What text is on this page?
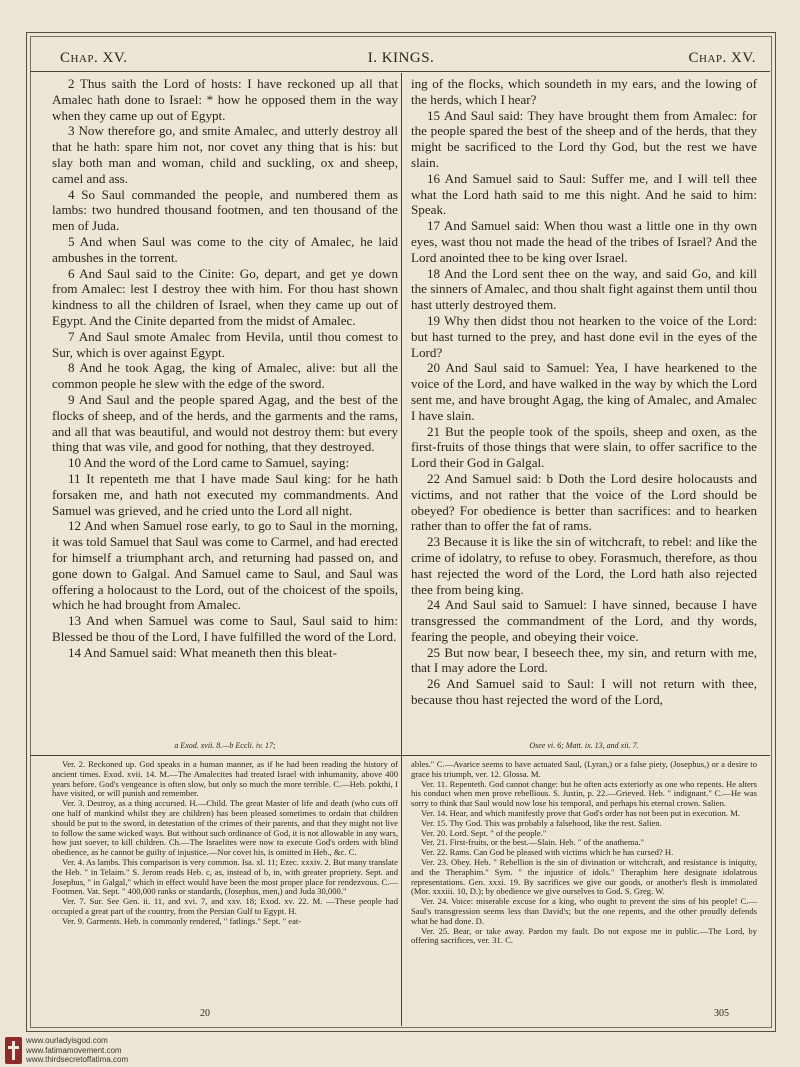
Chap. XV.	I. KINGS.	Chap. XV.

2 Thus saith the Lord of hosts: I have reckoned up all that Amalec hath done to Israel: * how he opposed them in the way when they came up out of Egypt.

3 Now therefore go, and smite Amalec, and utterly destroy all that he hath: spare him not, nor covet any thing that is his: but slay both man and woman, child and suckling, ox and sheep, camel and ass.

4 So Saul commanded the people, and numbered them as lambs: two hundred thousand footmen, and ten thousand of the men of Juda.

5 And when Saul was come to the city of Amalec, he laid ambushes in the torrent.

6 And Saul said to the Cinite: Go, depart, and get ye down from Amalec: lest I destroy thee with him. For thou hast shown kindness to all the children of Israel, when they came up out of Egypt. And the Cinite departed from the midst of Amalec.

7 And Saul smote Amalec from Hevila, until thou comest to Sur, which is over against Egypt.

8 And he took Agag, the king of Amalec, alive: but all the common people he slew with the edge of the sword.

9 And Saul and the people spared Agag, and the best of the flocks of sheep, and of the herds, and the garments and the rams, and all that was beautiful, and would not destroy them: but every thing that was vile, and good for nothing, that they destroyed.

10 And the word of the Lord came to Samuel, saying:

11 It repenteth me that I have made Saul king: for he hath forsaken me, and hath not executed my commandments. And Samuel was grieved, and he cried unto the Lord all night.

12 And when Samuel rose early, to go to Saul in the morning, it was told Samuel that Saul was come to Carmel, and had erected for himself a triumphant arch, and returning had passed on, and gone down to Galgal. And Samuel came to Saul, and Saul was offering a holocaust to the Lord, out of the choicest of the spoils, which he had brought from Amalec.

13 And when Samuel was come to Saul, Saul said to him: Blessed be thou of the Lord, I have fulfilled the word of the Lord.

14 And Samuel said: What meaneth then this bleat-

ing of the flocks, which soundeth in my ears, and the lowing of the herds, which I hear?

15 And Saul said: They have brought them from Amalec: for the people spared the best of the sheep and of the herds, that they might be sacrificed to the Lord thy God, but the rest we have slain.

16 And Samuel said to Saul: Suffer me, and I will tell thee what the Lord hath said to me this night. And he said to him: Speak.

17 And Samuel said: When thou wast a little one in thy own eyes, wast thou not made the head of the tribes of Israel? And the Lord anointed thee to be king over Israel.

18 And the Lord sent thee on the way, and said Go, and kill the sinners of Amalec, and thou shalt fight against them until thou hast utterly destroyed them.

19 Why then didst thou not hearken to the voice of the Lord: but hast turned to the prey, and hast done evil in the eyes of the Lord?

20 And Saul said to Samuel: Yea, I have hearkened to the voice of the Lord, and have walked in the way by which the Lord sent me, and have brought Agag, the king of Amalec, and Amalec I have slain.

21 But the people took of the spoils, sheep and oxen, as the first-fruits of those things that were slain, to offer sacrifice to the Lord their God in Galgal.

22 And Samuel said: b Doth the Lord desire holocausts and victims, and not rather that the voice of the Lord should be obeyed? For obedience is better than sacrifices: and to hearken rather than to offer the fat of rams.

23 Because it is like the sin of witchcraft, to rebel: and like the crime of idolatry, to refuse to obey. Forasmuch, therefore, as thou hast rejected the word of the Lord, the Lord hath also rejected thee from being king.

24 And Saul said to Samuel: I have sinned, because I have transgressed the commandment of the Lord, and thy words, fearing the people, and obeying their voice.

25 But now bear, I beseech thee, my sin, and return with me, that I may adore the Lord.

26 And Samuel said to Saul: I will not return with thee, because thou hast rejected the word of the Lord,

a Exod. xvii. 8.—b Eccli. iv. 17;	Osee vi. 6; Matt. ix. 13, and xii. 7.

Ver. 2. Reckoned up. God speaks in a human manner, as if he had been reading the history of ancient times. Exod. xvii. 14. M.—The Amalecites had treated Israel with inhumanity, above 400 years before. God's vengeance is often slow, but only so much the more terrible. C.—Heb. pokthi, I have visited, or will punish and remember.

Ver. 3. Destroy, as a thing accursed. H.—Child. The great Master of life and death (who cuts off one half of mankind whilst they are children) has been pleased sometimes to ordain that children should be put to the sword, in detestation of the crimes of their parents, and that they might not live to follow the same wicked ways. But without such ordinance of God, it is not allowable in any wars, how just soever, to kill children. Ch.—The Israelites were now to execute God's orders with blind obedience, as he cannot be guilty of injustice.—Nor covet his, is omitted in Heb., &c. C.

Ver. 4. As lambs. This comparison is very common. Isa. xl. 11; Ezec. xxxiv. 2. But many translate the Heb. " in Telaim." S. Jerom reads Heb. c, as, instead of b, in, with greater propriety. Sept. and Josephus, " in Galgal," which in effect would have been the most proper place for rendezvous. C.—Footmen. Vat. Sept. " 400,000 ranks or standards, (Josephus, men,) and Juda 30,000."

Ver. 7. Sur. See Gen. ii. 11, and xvi. 7, and xxv. 18; Exod. xv. 22. M. —These people had occupied a great part of the country, from the Persian Gulf to Egypt. H.

Ver. 9. Garments. Heb. is commonly rendered, " fatlings." Sept. " eat-

ables." C.—Avarice seems to have actuated Saul, (Lyran,) or a false piety, (Josephus,) or a desire to grace his triumph, ver. 12. Glossa. M.

Ver. 11. Repenteth. God cannot change: but he often acts exteriorly as one who repents. He alters his conduct when men prove rebellious. S. Justin, p. 22.—Grieved. Heb. " indignant." C.—He was sorry to think that Saul would now lose his temporal, and perhaps his eternal crown. Salien.

Ver. 14. Hear, and which manifestly prove that God's order has not been put in execution. M.

Ver. 15. Thy God. This was probably a falsehood, like the rest. Salien.

Ver. 20. Lord. Sept. " of the people."

Ver. 21. First-fruits, or the best.—Slain. Heb. " of the anathema."

Ver. 22. Rams. Can God be pleased with victims which he has cursed? H.

Ver. 23. Obey. Heb. " Rebellion is the sin of divination or witchcraft, and resistance is iniquity, and the Theraphim." Sym. " the injustice of idols." Theraphim here designate idolatrous representations. Gen. xxxi. 19. By sacrifices we give our goods, or another's flesh is immolated (Mor. xxxiii. 10, D.); by obedience we give ourselves to God. S. Greg. W.

Ver. 24. Voice: miserable excuse for a king, who ought to prevent the sins of his people! C.—Saul's transgression seems less than David's; but the one repents, and the other proudly defends what he had done. D.

Ver. 25. Bear, or take away. Pardon my fault. Do not expose me in public.—The Lord, by offering sacrifices, ver. 31. C.

20	305
www.ourladyisgod.com
www.fatimamovement.com
www.thirdsecretoffatima.com
